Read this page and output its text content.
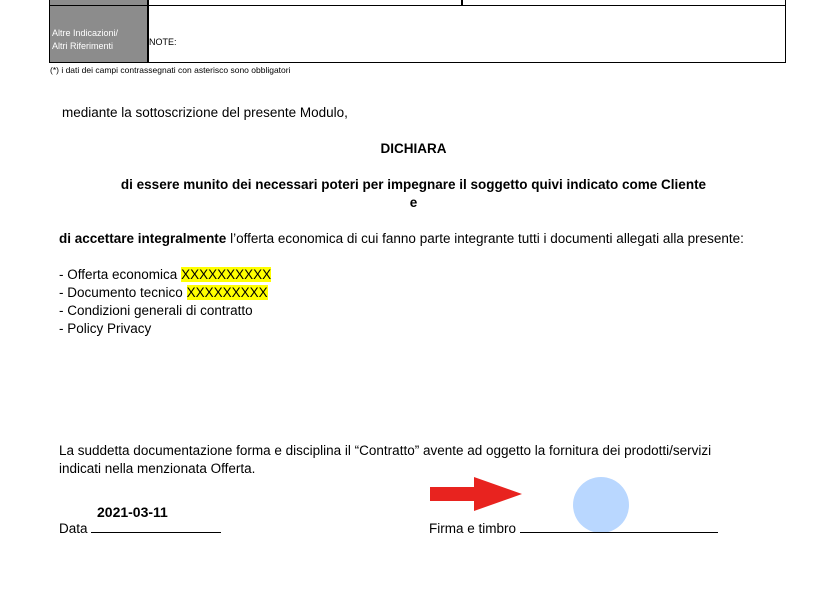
Altre Indicazioni/
Altri Riferimenti	NOTE:
(*) i dati dei campi contrassegnati con asterisco sono obbligatori
mediante la sottoscrizione del presente Modulo,
DICHIARA
di essere munito dei necessari poteri per impegnare il soggetto quivi indicato come Cliente
e
di accettare integralmente l’offerta economica di cui fanno parte integrante tutti i documenti allegati alla presente:
- Offerta economica XXXXXXXXXX
- Documento tecnico XXXXXXXXX
- Condizioni generali di contratto
- Policy Privacy
La suddetta documentazione forma e disciplina il “Contratto” avente ad oggetto la fornitura dei prodotti/servizi
indicati nella menzionata Offerta.
2021-03-11
Data	Firma e timbro
